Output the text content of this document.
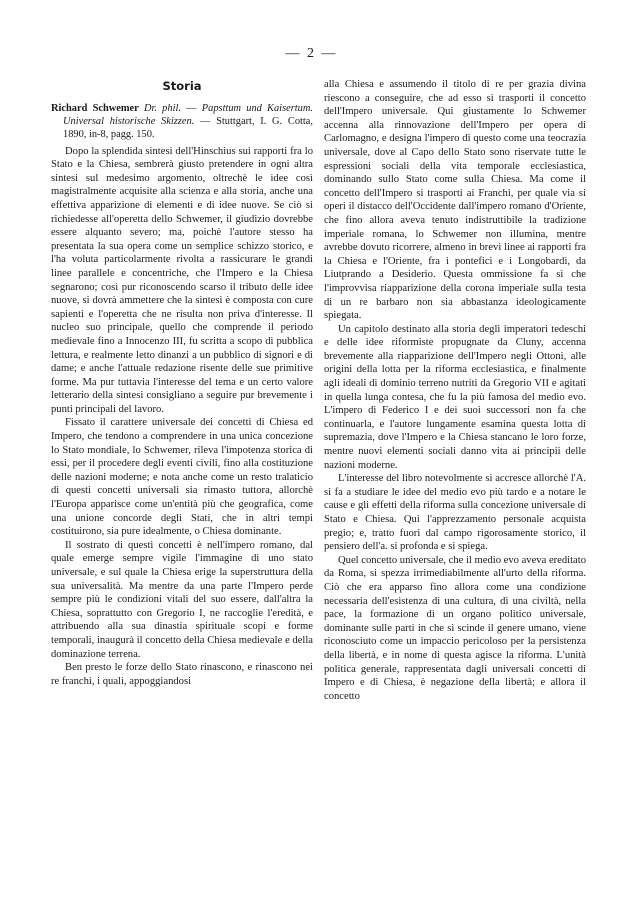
— 2 —
Storia
Richard Schwemer Dr. phil. — Papsttum und Kaisertum. Universal historische Skizzen. — Stuttgart, I. G. Cotta, 1890, in-8, pagg. 150.

Dopo la splendida sintesi dell'Hinschius sui rapporti fra lo Stato e la Chiesa, sembrerà giusto pretendere in ogni altra sintesi sul medesimo argomento, oltrechè le idee così magistralmente acquisite alla scienza e alla storia, anche una effettiva apparizione di elementi e di idee nuove. Se ciò si richiedesse all'operetta dello Schwemer, il giudizio dovrebbe essere alquanto severo; ma, poichè l'autore stesso ha presentata la sua opera come un semplice schizzo storico, e l'ha voluta particolarmente rivolta a rassicurare le grandi linee parallele e concentriche, che l'Impero e la Chiesa segnarono; così pur riconoscendo scarso il tributo delle idee nuove, si dovrà ammettere che la sintesi è composta con cure sapienti e l'operetta che ne risulta non priva d'interesse. Il nucleo suo principale, quello che comprende il periodo medievale fino a Innocenzo III, fu scritta a scopo di pubblica lettura, e realmente letto dinanzi a un pubblico di signori e di dame; e anche l'attuale redazione risente delle sue primitive forme. Ma pur tuttavia l'interesse del tema e un certo valore letterario della sintesi consigliano a seguire pur brevemente i punti principali del lavoro.

Fissato il carattere universale dei concetti di Chiesa ed Impero, che tendono a comprendere in una unica concezione lo Stato mondiale, lo Schwemer, rileva l'impotenza storica di essi, per il procedere degli eventi civili, fino alla costituzione delle nazioni moderne; e nota anche come un resto tralaticio di questi concetti universali sia rimasto tuttora, allorchè l'Europa apparisce come un'entità più che geografica, come una unione concorde degli Stati, che in altri tempi costituirono, sia pure idealmente, o Chiesa dominante.

Il sostrato di questi concetti è nell'impero romano, dal quale emerge sempre vigile l'immagine di uno stato universale, e sul quale la Chiesa erige la superstruttura della sua universalità. Ma mentre da una parte l'Impero perde sempre più le condizioni vitali del suo essere, dall'altra la Chiesa, soprattutto con Gregorio I, ne raccoglie l'eredità, e attribuendo alla sua dinastia spirituale scopi e forme temporali, inaugurà il concetto della Chiesa medievale e della dominazione terrena.

Ben presto le forze dello Stato rinascono, e rinascono nei re franchi, i quali, appoggiandosi

alla Chiesa e assumendo il titolo di re per grazia divina riescono a conseguire, che ad esso si trasporti il concetto dell'Impero universale. Qui giustamente lo Schwemer accenna alla rinnovazione dell'Impero per opera di Carlomagno, e designa l'impero di questo come una teocrazia universale, dove al Capo dello Stato sono riservate tutte le espressioni sociali della vita temporale ecclesiastica, dominando sullo Stato come sulla Chiesa. Ma come il concetto dell'Impero si trasporti ai Franchi, per quale via si operi il distacco dell'Occidente dall'impero romano d'Oriente, che fino allora aveva tenuto indistruttibile la tradizione imperiale romana, lo Schwemer non illumina, mentre avrebbe dovuto ricorrere, almeno in brevi linee ai rapporti fra la Chiesa e l'Oriente, fra i pontefici e i Longobardi, da Liutprando a Desiderio. Questa ommissione fa sì che l'improvvisa riapparizione della corona imperiale sulla testa di un re barbaro non sia abbastanza ideologicamente spiegata.

Un capitolo destinato alla storia degli imperatori tedeschi e delle idee riformiste propugnate da Cluny, accenna brevemente alla riapparizione dell'Impero negli Ottoni, alle origini della lotta per la riforma ecclesiastica, e finalmente agli ideali di dominio terreno nutriti da Gregorio VII e agitati in quella lunga contesa, che fu la più famosa del medio evo. L'impero di Federico I e dei suoi successori non fa che continuarla, e l'autore lungamente esamina questa lotta di supremazia, dove l'Impero e la Chiesa stancano le loro forze, mentre nuovi elementi sociali danno vita ai principii delle nazioni moderne.

L'interesse del libro notevolmente si accresce allorchè l'A. si fa a studiare le idee del medio evo più tardo e a notare le cause e gli effetti della riforma sulla concezione universale di Stato e Chiesa. Qui l'apprezzamento personale acquista pregio; e, tratto fuori dal campo rigorosamente storico, il pensiero dell'a. si profonda e si spiega.

Quel concetto universale, che il medio evo aveva ereditato da Roma, si spezza irrimediabilmente all'urto della riforma. Ciò che era apparso fino allora come una condizione necessaria dell'esistenza di una cultura, di una civiltà, nella pace, la formazione di un organo politico universale, dominante sulle parti in che si scinde il genere umano, viene riconosciuto come un impaccio pericoloso per la persistenza della libertà, e in nome di questa agisce la riforma. L'unità politica generale, rappresentata dagli universali concetti di Impero e di Chiesa, è negazione della libertà; e allora il concetto
